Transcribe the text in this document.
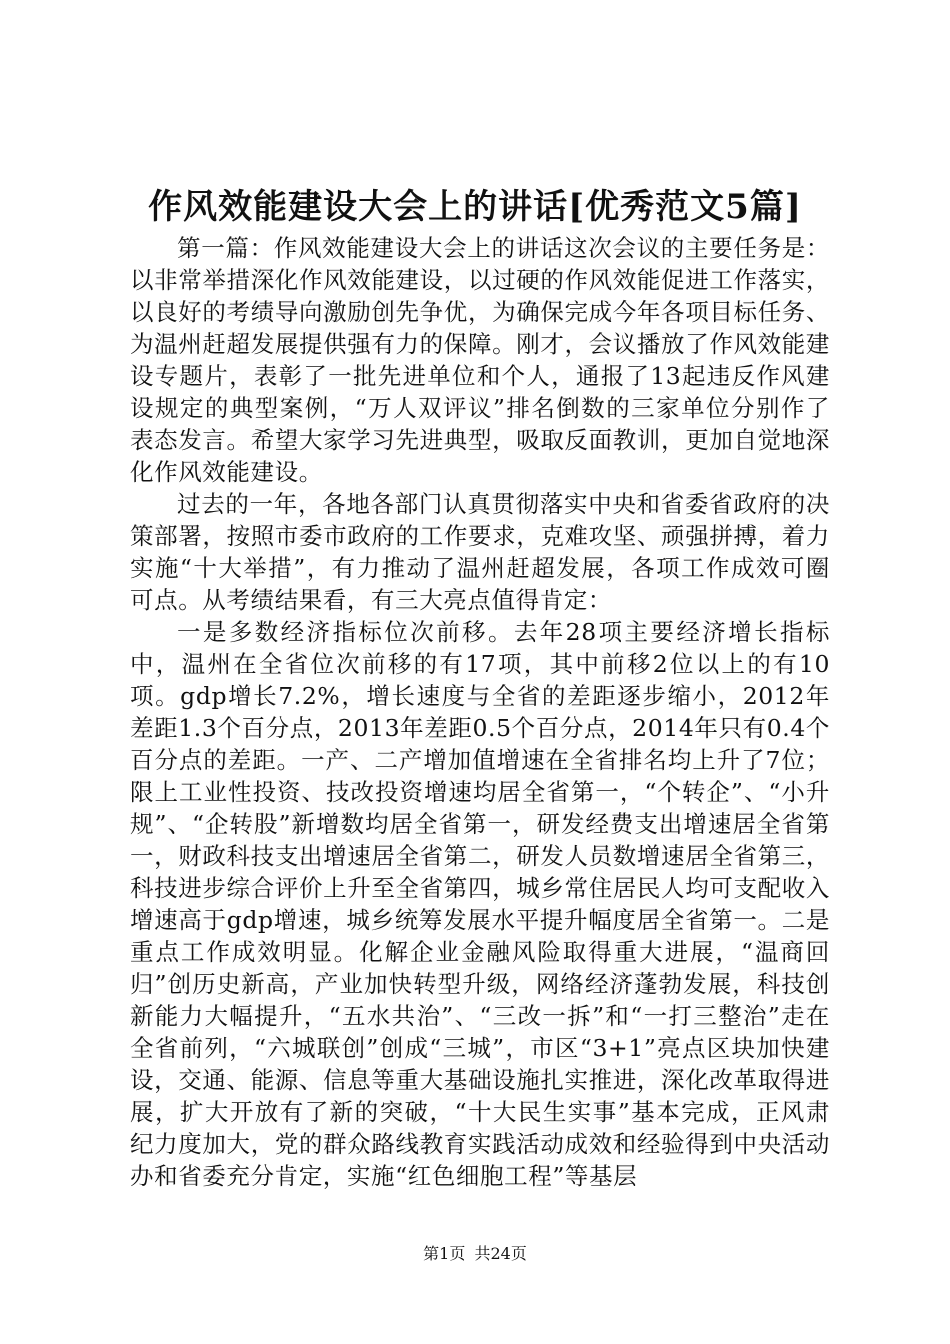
作风效能建设大会上的讲话[优秀范文5篇]

第一篇：作风效能建设大会上的讲话这次会议的主要任务是：以非常举措深化作风效能建设，以过硬的作风效能促进工作落实，以良好的考绩导向激励创先争优，为确保完成今年各项目标任务、为温州赶超发展提供强有力的保障。刚才，会议播放了作风效能建设专题片，表彰了一批先进单位和个人，通报了13起违反作风建设规定的典型案例，“万人双评议”排名倒数的三家单位分别作了表态发言。希望大家学习先进典型，吸取反面教训，更加自觉地深化作风效能建设。

过去的一年，各地各部门认真贯彻落实中央和省委省政府的决策部署，按照市委市政府的工作要求，克难攻坚、顽强拼搏，着力实施“十大举措”，有力推动了温州赶超发展，各项工作成效可圈可点。从考绩结果看，有三大亮点值得肯定：

一是多数经济指标位次前移。去年28项主要经济增长指标中，温州在全省位次前移的有17项，其中前移2位以上的有10项。gdp增长7.2%，增长速度与全省的差距逐步缩小，2012年差距1.3个百分点，2013年差距0.5个百分点，2014年只有0.4个百分点的差距。一产、二产增加值增速在全省排名均上升了7位；限上工业性投资、技改投资增速均居全省第一，“个转企”、“小升规”、“企转股”新增数均居全省第一，研发经费支出增速居全省第一，财政科技支出增速居全省第二，研发人员数增速居全省第三，科技进步综合评价上升至全省第四，城乡常住居民人均可支配收入增速高于gdp增速，城乡统筹发展水平提升幅度居全省第一。二是重点工作成效明显。化解企业金融风险取得重大进展，“温商回归”创历史新高，产业加快转型升级，网络经济蓬勃发展，科技创新能力大幅提升，“五水共治”、“三改一拆”和“一打三整治”走在全省前列，“六城联创”创成“三城”，市区“3+1”亮点区块加快建设，交通、能源、信息等重大基础设施扎实推进，深化改革取得进展，扩大开放有了新的突破，“十大民生实事”基本完成，正风肃纪力度加大，党的群众路线教育实践活动成效和经验得到中央活动办和省委充分肯定，实施“红色细胞工程”等基层

第1页 共24页
